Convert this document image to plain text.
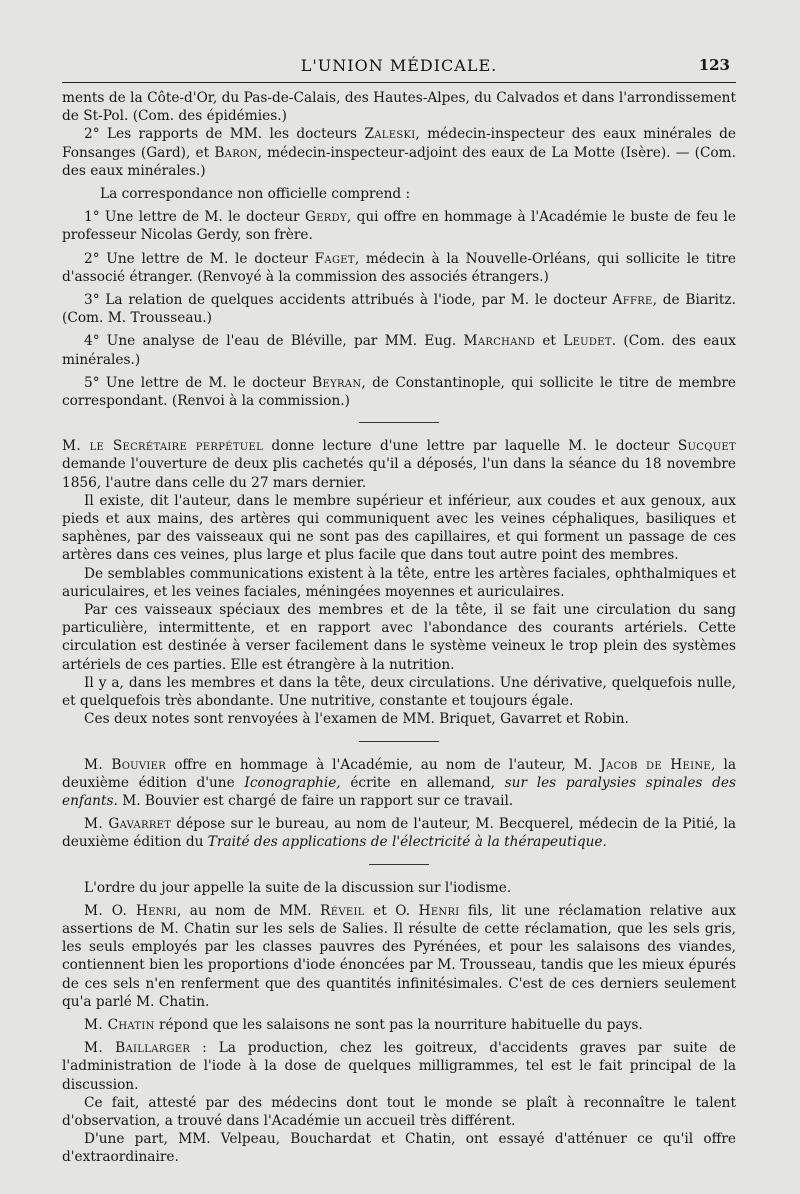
L'UNION MÉDICALE.	123

ments de la Côte-d'Or, du Pas-de-Calais, des Hautes-Alpes, du Calvados et dans l'arrondissement de St-Pol. (Com. des épidémies.)

2° Les rapports de MM. les docteurs Zaleski, médecin-inspecteur des eaux minérales de Fonsanges (Gard), et Baron, médecin-inspecteur-adjoint des eaux de La Motte (Isère). — (Com. des eaux minérales.)

La correspondance non officielle comprend :

1° Une lettre de M. le docteur Gerdy, qui offre en hommage à l'Académie le buste de feu le professeur Nicolas Gerdy, son frère.

2° Une lettre de M. le docteur Faget, médecin à la Nouvelle-Orléans, qui sollicite le titre d'associé étranger. (Renvoyé à la commission des associés étrangers.)

3° La relation de quelques accidents attribués à l'iode, par M. le docteur Affre, de Biaritz. (Com. M. Trousseau.)

4° Une analyse de l'eau de Bléville, par MM. Eug. Marchand et Leudet. (Com. des eaux minérales.)

5° Une lettre de M. le docteur Beyran, de Constantinople, qui sollicite le titre de membre correspondant. (Renvoi à la commission.)

M. le Secrétaire perpétuel donne lecture d'une lettre par laquelle M. le docteur Sucquet demande l'ouverture de deux plis cachetés qu'il a déposés, l'un dans la séance du 18 novembre 1856, l'autre dans celle du 27 mars dernier.

Il existe, dit l'auteur, dans le membre supérieur et inférieur, aux coudes et aux genoux, aux pieds et aux mains, des artères qui communiquent avec les veines céphaliques, basiliques et saphènes, par des vaisseaux qui ne sont pas des capillaires, et qui forment un passage de ces artères dans ces veines, plus large et plus facile que dans tout autre point des membres.

De semblables communications existent à la tête, entre les artères faciales, ophthalmiques et auriculaires, et les veines faciales, méningées moyennes et auriculaires.

Par ces vaisseaux spéciaux des membres et de la tête, il se fait une circulation du sang particulière, intermittente, et en rapport avec l'abondance des courants artériels. Cette circulation est destinée à verser facilement dans le système veineux le trop plein des systèmes artériels de ces parties. Elle est étrangère à la nutrition.

Il y a, dans les membres et dans la tête, deux circulations. Une dérivative, quelquefois nulle, et quelquefois très abondante. Une nutritive, constante et toujours égale.

Ces deux notes sont renvoyées à l'examen de MM. Briquet, Gavarret et Robin.

M. Bouvier offre en hommage à l'Académie, au nom de l'auteur, M. Jacob de Heine, la deuxième édition d'une Iconographie, écrite en allemand, sur les paralysies spinales des enfants. M. Bouvier est chargé de faire un rapport sur ce travail.

M. Gavarret dépose sur le bureau, au nom de l'auteur, M. Becquerel, médecin de la Pitié, la deuxième édition du Traité des applications de l'électricité à la thérapeutique.

L'ordre du jour appelle la suite de la discussion sur l'iodisme.

M. O. Henri, au nom de MM. Réveil et O. Henri fils, lit une réclamation relative aux assertions de M. Chatin sur les sels de Salies. Il résulte de cette réclamation, que les sels gris, les seuls employés par les classes pauvres des Pyrénées, et pour les salaisons des viandes, contiennent bien les proportions d'iode énoncées par M. Trousseau, tandis que les mieux épurés de ces sels n'en renferment que des quantités infinitésimales. C'est de ces derniers seulement qu'a parlé M. Chatin.

M. Chatin répond que les salaisons ne sont pas la nourriture habituelle du pays.

M. Baillarger : La production, chez les goitreux, d'accidents graves par suite de l'administration de l'iode à la dose de quelques milligrammes, tel est le fait principal de la discussion.

Ce fait, attesté par des médecins dont tout le monde se plaît à reconnaître le talent d'observation, a trouvé dans l'Académie un accueil très différent.

D'une part, MM. Velpeau, Bouchardat et Chatin, ont essayé d'atténuer ce qu'il offre d'extraordinaire.
